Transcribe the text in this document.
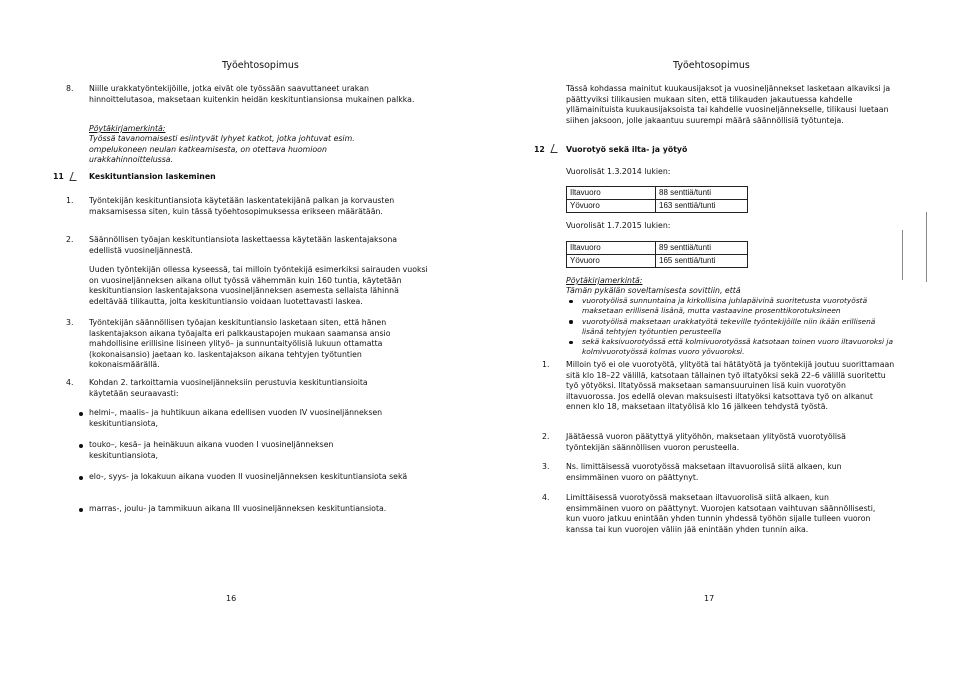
Työehtosopimus
8. Niille urakkatyöntekijöille, jotka eivät ole työssään saavuttaneet urakan hinnoittelutasoa, maksetaan kuitenkin heidän keskituntiansionsa mukainen palkka.

Pöytäkirjamerkintä:

Työssä tavanomaisesti esiintyvät lyhyet katkot, jotka johtuvat esim. ompelukoneen neulan katkeamisesta, on otettava huomioon urakkahinnoittelussa.

11	Keskituntiansion laskeminen

1. Työntekijän keskituntiansiota käytetään laskentatekijänä palkan ja korvausten maksamisessa siten, kuin tässä työehtosopimuksessa erikseen määrätään.

2. Säännöllisen työajan keskituntiansiota laskettaessa käytetään laskentajaksona edellistä vuosineljännestä.

Uuden työntekijän ollessa kyseessä, tai milloin työntekijä esimerkiksi sairauden vuoksi on vuosineljänneksen aikana ollut työssä vähemmän kuin 160 tuntia, käytetään keskituntiansion laskentajaksona vuosineljänneksen asemesta sellaista lähinnä edeltävää tilikautta, jolta keskituntiansio voidaan luotettavasti laskea.

3. Työntekijän säännöllisen työajan keskituntiansio lasketaan siten, että hänen laskentajakson aikana työajalta eri palkkaustapojen mukaan saamansa ansio mahdollisine erillisine lisineen ylityö– ja sunnuntaityölisiä lukuun ottamatta (kokonaisansio) jaetaan ko. laskentajakson aikana tehtyjen työtuntien kokonaismäärällä.

4. Kohdan 2. tarkoittamia vuosineljänneksiin perustuvia keskituntiansioita käytetään seuraavasti:

helmi–, maalis– ja huhtikuun aikana edellisen vuoden IV vuosineljänneksen keskituntiansiota,

touko–, kesä– ja heinäkuun aikana vuoden I vuosineljänneksen keskituntiansiota,

elo-, syys- ja lokakuun aikana vuoden II vuosineljänneksen keskituntiansiota sekä

marras-, joulu- ja tammikuun aikana III vuosineljänneksen keskituntiansiota.

16
Työehtosopimus

Tässä kohdassa mainitut kuukausijaksot ja vuosineljännekset lasketaan alkaviksi ja päättyviksi tilikausien mukaan siten, että tilikauden jakautuessa kahdelle yllämainituista kuukausijaksoista tai kahdelle vuosineljännekselle, tilikausi luetaan siihen jaksoon, jolle jakaantuu suurempi määrä säännöllisiä työtunteja.

12	Vuorotyö sekä ilta- ja yötyö

Vuorolisät 1.3.2014 lukien:

Iltavuoro	88 senttiä/tunti
Yövuoro	163 senttiä/tunti

Vuorolisät 1.7.2015 lukien:

Iltavuoro	89 senttiä/tunti
Yövuoro	165 senttiä/tunti

Pöytäkirjamerkintä:

Tämän pykälän soveltamisesta sovittiin, että

vuorotyölisä sunnuntaina ja kirkollisina juhlapäivinä suoritetusta vuorotyöstä maksetaan erillisenä lisänä, mutta vastaavine prosenttikorotuksineen
vuorotyölisä maksetaan urakkatyötä tekeville työntekijöille niin ikään erillisenä lisänä tehtyjen työtuntien perusteella
sekä kaksivuorotyössä että kolmivuorotyössä katsotaan toinen vuoro iltavuoroksi ja kolmivuorotyössä kolmas vuoro yövuoroksi.
1. Milloin työ ei ole vuorotyötä, ylityötä tai hätätyötä ja työntekijä joutuu suorittamaan sitä klo 18–22 välillä, katsotaan tällainen työ iltatyöksi sekä 22–6 välillä suoritettu työ yötyöksi. Iltatyössä maksetaan samansuuruinen lisä kuin vuorotyön iltavuorossa. Jos edellä olevan maksuisesti iltatyöksi katsottava työ on alkanut ennen klo 18, maksetaan iltatyölisä klo 16 jälkeen tehdystä työstä.

2. Jäätäessä vuoron päätyttyä ylityöhön, maksetaan ylityöstä vuorotyölisä työntekijän säännöllisen vuoron perusteella.

3. Ns. limittäisessä vuorotyössä maksetaan iltavuorolisä siitä alkaen, kun ensimmäinen vuoro on päättynyt.

4. Limittäisessä vuorotyössä maksetaan iltavuorolisä siitä alkaen, kun ensimmäinen vuoro on päättynyt. Vuorojen katsotaan vaihtuvan säännöllisesti, kun vuoro jatkuu enintään yhden tunnin yhdessä työhön sijalle tulleen vuoron kanssa tai kun vuorojen väliin jää enintään yhden tunnin aika.

17
